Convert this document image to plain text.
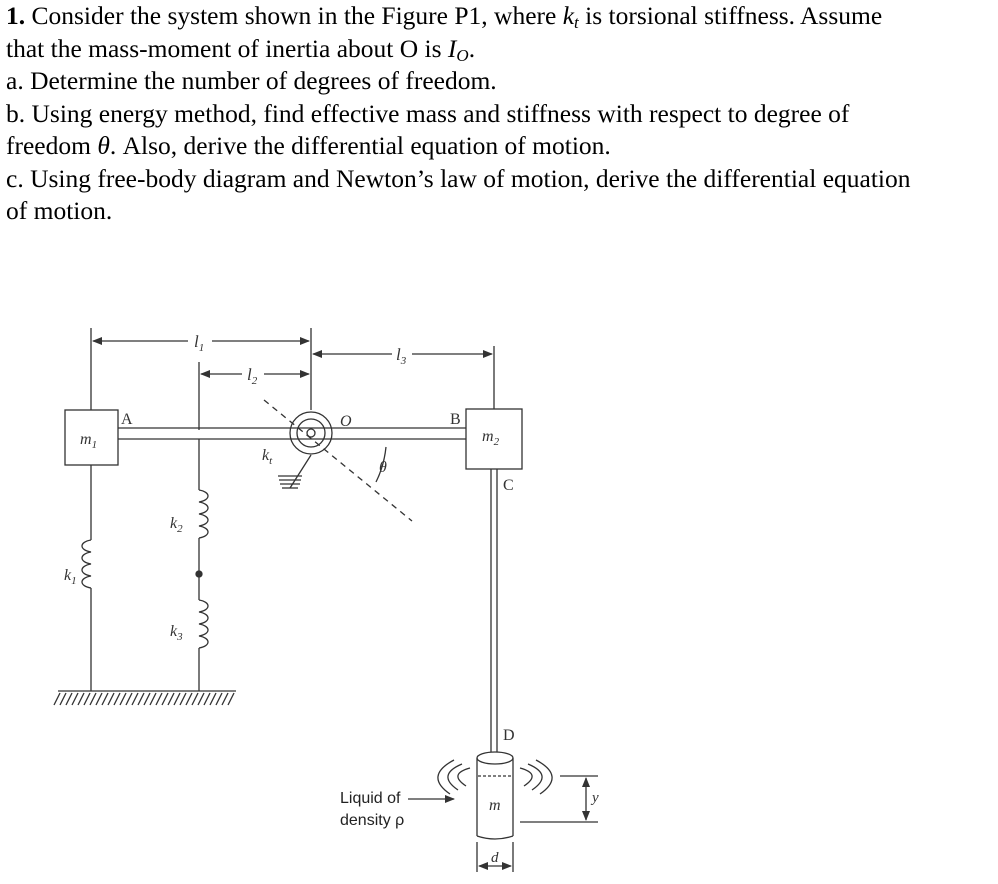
1. Consider the system shown in the Figure P1, where $k_t$ is torsional stiffness. Assume
that the mass-moment of inertia about O is $I_O$.
a. Determine the number of degrees of freedom.
b. Using energy method, find effective mass and stiffness with respect to degree of
freedom θ. Also, derive the differential equation of motion.
c. Using free-body diagram and Newton’s law of motion, derive the differential equation
of motion.
$l_1$
$l_2$
$l_3$
A	B
C
D
O
$m_1$	$m_2$
$k_1$
$k_2$
$k_3$
$k_t$	θ
m
d
y
Liquid of
density ρ
